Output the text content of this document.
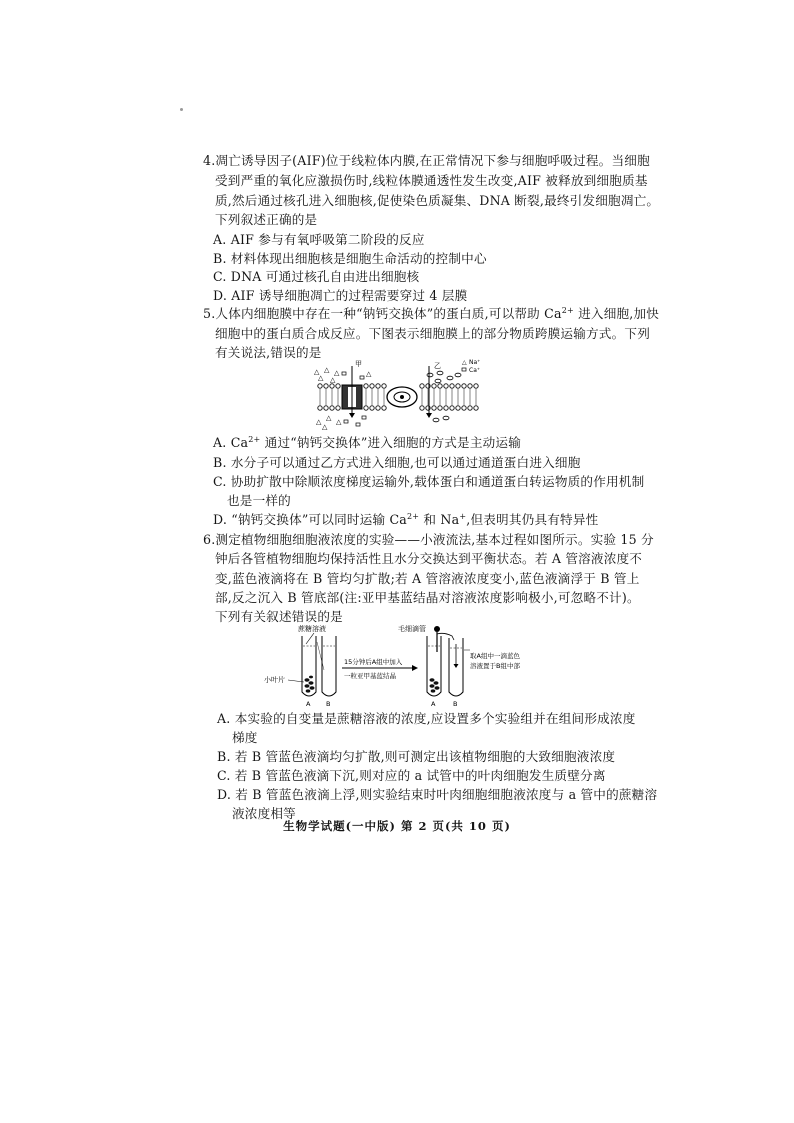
4.凋亡诱导因子(AIF)位于线粒体内膜,在正常情况下参与细胞呼吸过程。当细胞
受到严重的氧化应激损伤时,线粒体膜通透性发生改变,AIF 被释放到细胞质基
质,然后通过核孔进入细胞核,促使染色质凝集、DNA 断裂,最终引发细胞凋亡。
下列叙述正确的是
A. AIF 参与有氧呼吸第二阶段的反应
B. 材料体现出细胞核是细胞生命活动的控制中心
C. DNA 可通过核孔自由进出细胞核
D. AIF 诱导细胞凋亡的过程需要穿过 4 层膜
5.人体内细胞膜中存在一种“钠钙交换体”的蛋白质,可以帮助 $Ca^{2+}$ 进入细胞,加快
细胞中的蛋白质合成反应。下图表示细胞膜上的部分物质跨膜运输方式。下列
有关说法,错误的是
甲	乙	△ Na⁺
Ca⁺
△ △ △
△ △
△
△ △ △
△
A. $Ca^{2+}$ 通过“钠钙交换体”进入细胞的方式是主动运输
B. 水分子可以通过乙方式进入细胞,也可以通过通道蛋白进入细胞
C. 协助扩散中除顺浓度梯度运输外,载体蛋白和通道蛋白转运物质的作用机制
也是一样的
D. “钠钙交换体”可以同时运输 $Ca^{2+}$ 和 Na+,但表明其仍具有特异性
6.测定植物细胞细胞液浓度的实验——小液流法,基本过程如图所示。实验 15 分
钟后各管植物细胞均保持活性且水分交换达到平衡状态。若 A 管溶液浓度不
变,蓝色液滴将在 B 管均匀扩散;若 A 管溶液浓度变小,蓝色液滴浮于 B 管上
部,反之沉入 B 管底部(注:亚甲基蓝结晶对溶液浓度影响极小,可忽略不计)。
下列有关叙述错误的是
蔗糖溶液
小叶片
A B
15分钟后A组中加入
一粒亚甲基蓝结晶
毛细滴管
A	B
取A组中一滴蓝色
溶液置于B组中部
A. 本实验的自变量是蔗糖溶液的浓度,应设置多个实验组并在组间形成浓度
梯度
B. 若 B 管蓝色液滴均匀扩散,则可测定出该植物细胞的大致细胞液浓度
C. 若 B 管蓝色液滴下沉,则对应的 a 试管中的叶肉细胞发生质壁分离
D. 若 B 管蓝色液滴上浮,则实验结束时叶肉细胞细胞液浓度与 a 管中的蔗糖溶
液浓度相等
生物学试题(一中版) 第 2 页(共 10 页)
